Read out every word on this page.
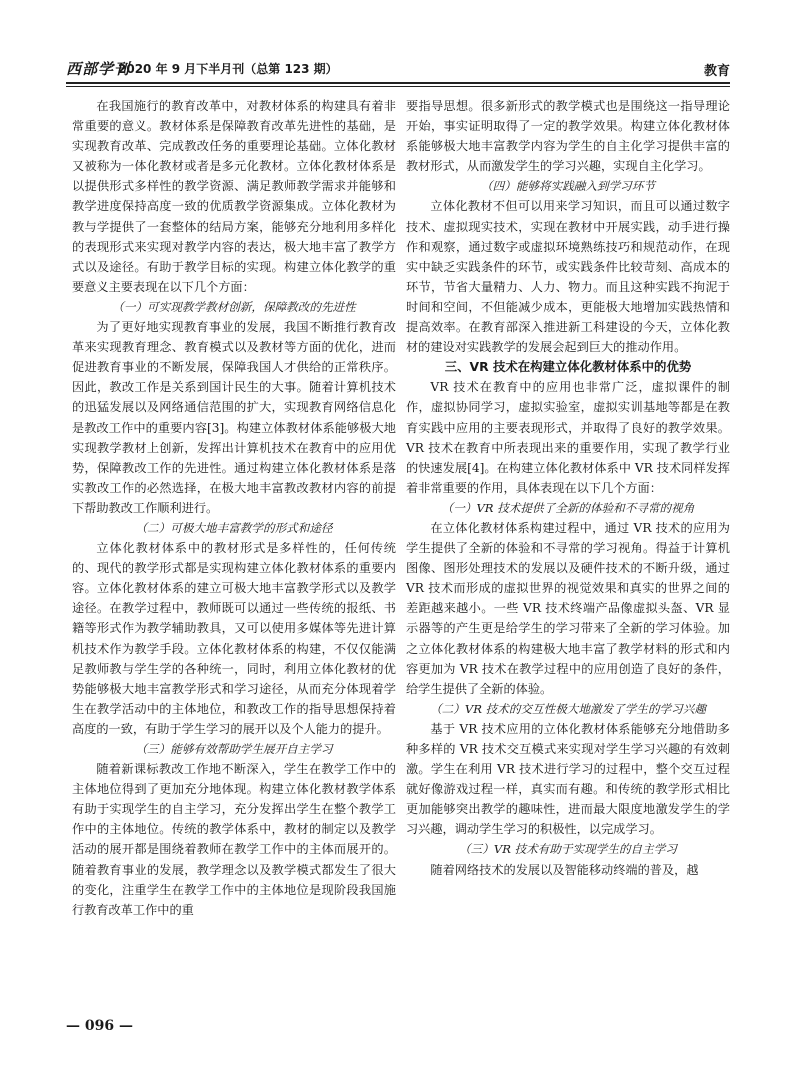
西部学刊
2020 年 9 月下半月刊（总第 123 期）	教育

在我国施行的教育改革中，对教材体系的构建具有着非常重要的意义。教材体系是保障教育改革先进性的基础，是实现教育改革、完成教改任务的重要理论基础。立体化教材又被称为一体化教材或者是多元化教材。立体化教材体系是以提供形式多样性的教学资源、满足教师教学需求并能够和教学进度保持高度一致的优质教学资源集成。立体化教材为教与学提供了一套整体的结局方案，能够充分地利用多样化的表现形式来实现对教学内容的表达，极大地丰富了教学方式以及途径。有助于教学目标的实现。构建立体化教学的重要意义主要表现在以下几个方面：

（一）可实现教学教材创新，保障教改的先进性

为了更好地实现教育事业的发展，我国不断推行教育改革来实现教育理念、教育模式以及教材等方面的优化，进而促进教育事业的不断发展，保障我国人才供给的正常秩序。因此，教改工作是关系到国计民生的大事。随着计算机技术的迅猛发展以及网络通信范围的扩大，实现教育网络信息化是教改工作中的重要内容[3]。构建立体教材体系能够极大地实现教学教材上创新，发挥出计算机技术在教育中的应用优势，保障教改工作的先进性。通过构建立体化教材体系是落实教改工作的必然选择，在极大地丰富教改教材内容的前提下帮助教改工作顺利进行。

（二）可极大地丰富教学的形式和途径

立体化教材体系中的教材形式是多样性的，任何传统的、现代的教学形式都是实现构建立体化教材体系的重要内容。立体化教材体系的建立可极大地丰富教学形式以及教学途径。在教学过程中，教师既可以通过一些传统的报纸、书籍等形式作为教学辅助教具，又可以使用多媒体等先进计算机技术作为教学手段。立体化教材体系的构建，不仅仅能满足教师教与学生学的各种统一，同时，利用立体化教材的优势能够极大地丰富教学形式和学习途径，从而充分体现着学生在教学活动中的主体地位，和教改工作的指导思想保持着高度的一致，有助于学生学习的展开以及个人能力的提升。

（三）能够有效帮助学生展开自主学习

随着新课标教改工作地不断深入，学生在教学工作中的主体地位得到了更加充分地体现。构建立体化教材教学体系有助于实现学生的自主学习，充分发挥出学生在整个教学工作中的主体地位。传统的教学体系中，教材的制定以及教学活动的展开都是围绕着教师在教学工作中的主体而展开的。随着教育事业的发展，教学理念以及教学模式都发生了很大的变化，注重学生在教学工作中的主体地位是现阶段我国施行教育改革工作中的重

要指导思想。很多新形式的教学模式也是围绕这一指导理论开始，事实证明取得了一定的教学效果。构建立体化教材体系能够极大地丰富教学内容为学生的自主化学习提供丰富的教材形式，从而激发学生的学习兴趣，实现自主化学习。

（四）能够将实践融入到学习环节

立体化教材不但可以用来学习知识，而且可以通过数字技术、虚拟现实技术，实现在教材中开展实践，动手进行操作和观察，通过数字或虚拟环境熟练技巧和规范动作，在现实中缺乏实践条件的环节，或实践条件比较苛刻、高成本的环节，节省大量精力、人力、物力。而且这种实践不拘泥于时间和空间，不但能减少成本，更能极大地增加实践热情和提高效率。在教育部深入推进新工科建设的今天，立体化教材的建设对实践教学的发展会起到巨大的推动作用。

三、VR 技术在构建立体化教材体系中的优势

VR 技术在教育中的应用也非常广泛，虚拟课件的制作，虚拟协同学习，虚拟实验室，虚拟实训基地等都是在教育实践中应用的主要表现形式，并取得了良好的教学效果。VR 技术在教育中所表现出来的重要作用，实现了教学行业的快速发展[4]。在构建立体化教材体系中 VR 技术同样发挥着非常重要的作用，具体表现在以下几个方面：

（一）VR 技术提供了全新的体验和不寻常的视角

在立体化教材体系构建过程中，通过 VR 技术的应用为学生提供了全新的体验和不寻常的学习视角。得益于计算机图像、图形处理技术的发展以及硬件技术的不断升级，通过 VR 技术而形成的虚拟世界的视觉效果和真实的世界之间的差距越来越小。一些 VR 技术终端产品像虚拟头盔、VR 显示器等的产生更是给学生的学习带来了全新的学习体验。加之立体化教材体系的构建极大地丰富了教学材料的形式和内容更加为 VR 技术在教学过程中的应用创造了良好的条件，给学生提供了全新的体验。

（二）VR 技术的交互性极大地激发了学生的学习兴趣

基于 VR 技术应用的立体化教材体系能够充分地借助多种多样的 VR 技术交互模式来实现对学生学习兴趣的有效刺激。学生在利用 VR 技术进行学习的过程中，整个交互过程就好像游戏过程一样，真实而有趣。和传统的教学形式相比更加能够突出教学的趣味性，进而最大限度地激发学生的学习兴趣，调动学生学习的积极性，以完成学习。

（三）VR 技术有助于实现学生的自主学习

随着网络技术的发展以及智能移动终端的普及，越

— 096 —
